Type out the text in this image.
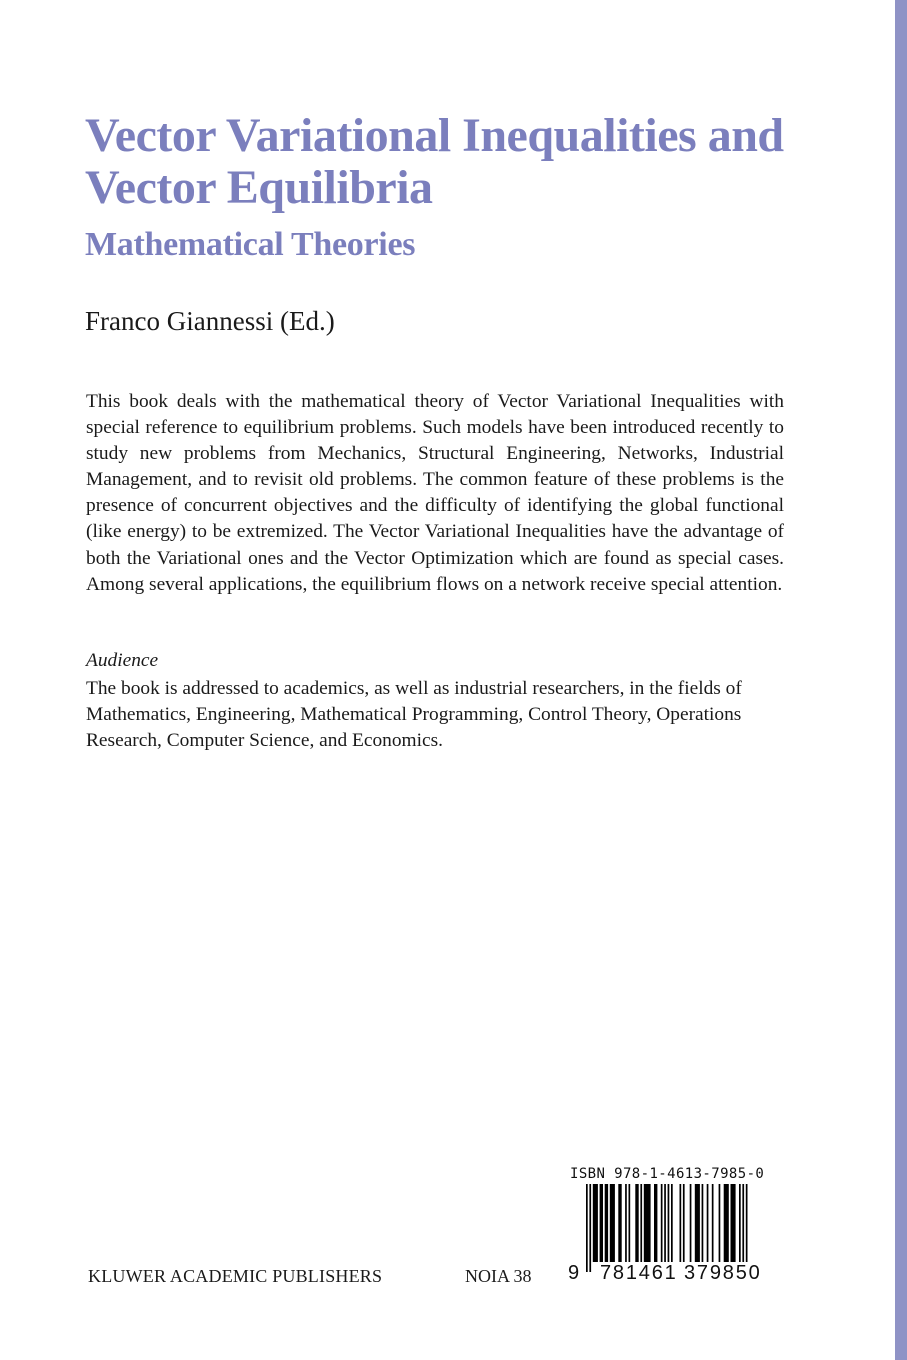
Vector Variational Inequalities and Vector Equilibria
Mathematical Theories
Franco Giannessi (Ed.)
This book deals with the mathematical theory of Vector Variational Inequalities with special reference to equilibrium problems. Such models have been introduced recently to study new problems from Mechanics, Structural Engineering, Networks, Industrial Management, and to revisit old problems. The common feature of these problems is the presence of concurrent objectives and the difficulty of identifying the global functional (like energy) to be extremized. The Vector Variational Inequalities have the advantage of both the Variational ones and the Vector Optimization which are found as special cases. Among several applications, the equilibrium flows on a network receive special attention.
Audience
The book is addressed to academics, as well as industrial researchers, in the fields of Mathematics, Engineering, Mathematical Programming, Control Theory, Operations Research, Computer Science, and Economics.
ISBN 978-1-4613-7985-0
9 781461 379850
KLUWER ACADEMIC PUBLISHERS	NOIA 38
